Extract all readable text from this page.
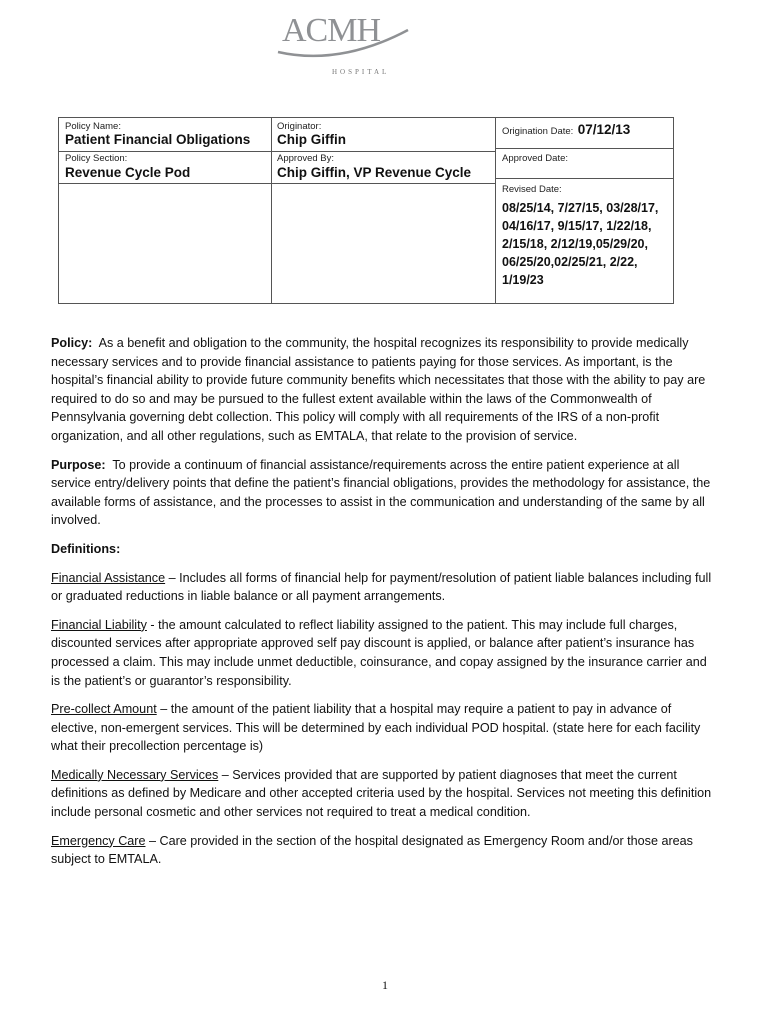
ACMH
HOSPITAL
Policy Name:
Patient Financial Obligations
Originator:
Chip Giffin
Origination Date: 07/12/13
Policy Section:
Revenue Cycle Pod
Approved By:
Chip Giffin, VP Revenue Cycle
Approved Date:
Revised Date:
08/25/14, 7/27/15, 03/28/17, 04/16/17, 9/15/17, 1/22/18, 2/15/18, 2/12/19,05/29/20, 06/25/20,02/25/21, 2/22, 1/19/23

Policy: As a benefit and obligation to the community, the hospital recognizes its responsibility to provide medically necessary services and to provide financial assistance to patients paying for those services. As important, is the hospital’s financial ability to provide future community benefits which necessitates that those with the ability to pay are required to do so and may be pursued to the fullest extent available within the laws of the Commonwealth of Pennsylvania governing debt collection. This policy will comply with all requirements of the IRS of a non-profit organization, and all other regulations, such as EMTALA, that relate to the provision of service.

Purpose: To provide a continuum of financial assistance/requirements across the entire patient experience at all service entry/delivery points that define the patient’s financial obligations, provides the methodology for assistance, the available forms of assistance, and the processes to assist in the communication and understanding of the same by all involved.

Definitions:

Financial Assistance – Includes all forms of financial help for payment/resolution of patient liable balances including full or graduated reductions in liable balance or all payment arrangements.

Financial Liability - the amount calculated to reflect liability assigned to the patient. This may include full charges, discounted services after appropriate approved self pay discount is applied, or balance after patient’s insurance has processed a claim. This may include unmet deductible, coinsurance, and copay assigned by the insurance carrier and is the patient’s or guarantor’s responsibility.

Pre-collect Amount – the amount of the patient liability that a hospital may require a patient to pay in advance of elective, non-emergent services. This will be determined by each individual POD hospital. (state here for each facility what their precollection percentage is)

Medically Necessary Services – Services provided that are supported by patient diagnoses that meet the current definitions as defined by Medicare and other accepted criteria used by the hospital. Services not meeting this definition include personal cosmetic and other services not required to treat a medical condition.

Emergency Care – Care provided in the section of the hospital designated as Emergency Room and/or those areas subject to EMTALA.

1
